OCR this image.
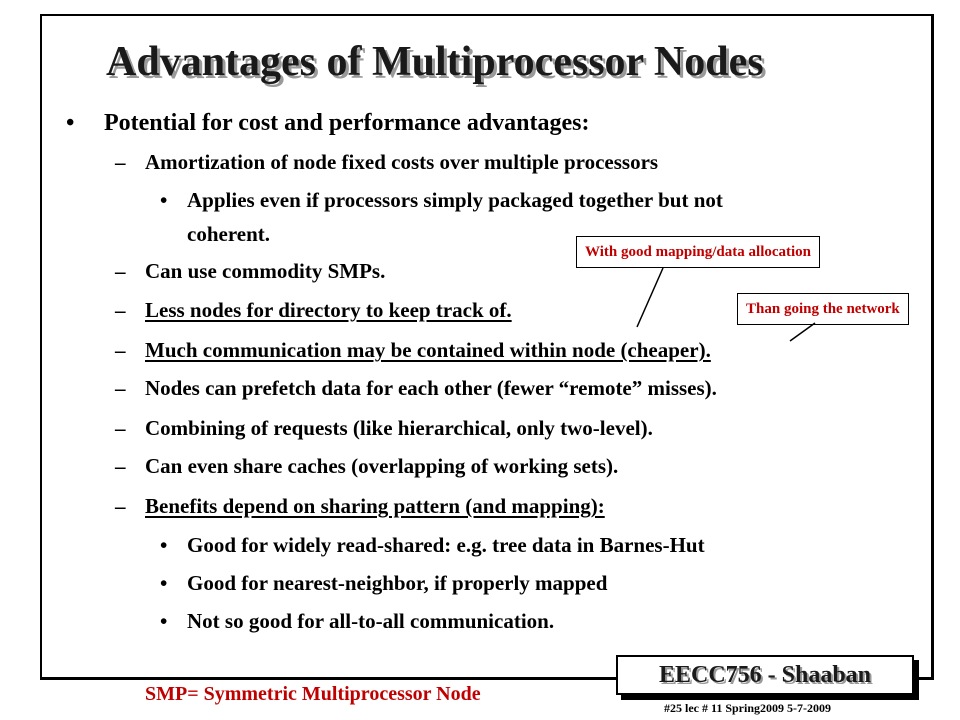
Advantages of Multiprocessor Nodes
• Potential for cost and performance advantages:
– Amortization of node fixed costs over multiple processors
• Applies even if processors simply packaged together but not
coherent.
– Can use commodity SMPs.
– Less nodes for directory to keep track of.
– Much communication may be contained within node (cheaper).
– Nodes can prefetch data for each other (fewer “remote” misses).
– Combining of requests (like hierarchical, only two-level).
– Can even share caches (overlapping of working sets).
– Benefits depend on sharing pattern (and mapping):
• Good for widely read-shared: e.g. tree data in Barnes-Hut
• Good for nearest-neighbor, if properly mapped
• Not so good for all-to-all communication.
With good mapping/data allocation
Than going the network
SMP= Symmetric Multiprocessor Node
EECC756 - Shaaban
#25 lec # 11 Spring2009 5-7-2009
